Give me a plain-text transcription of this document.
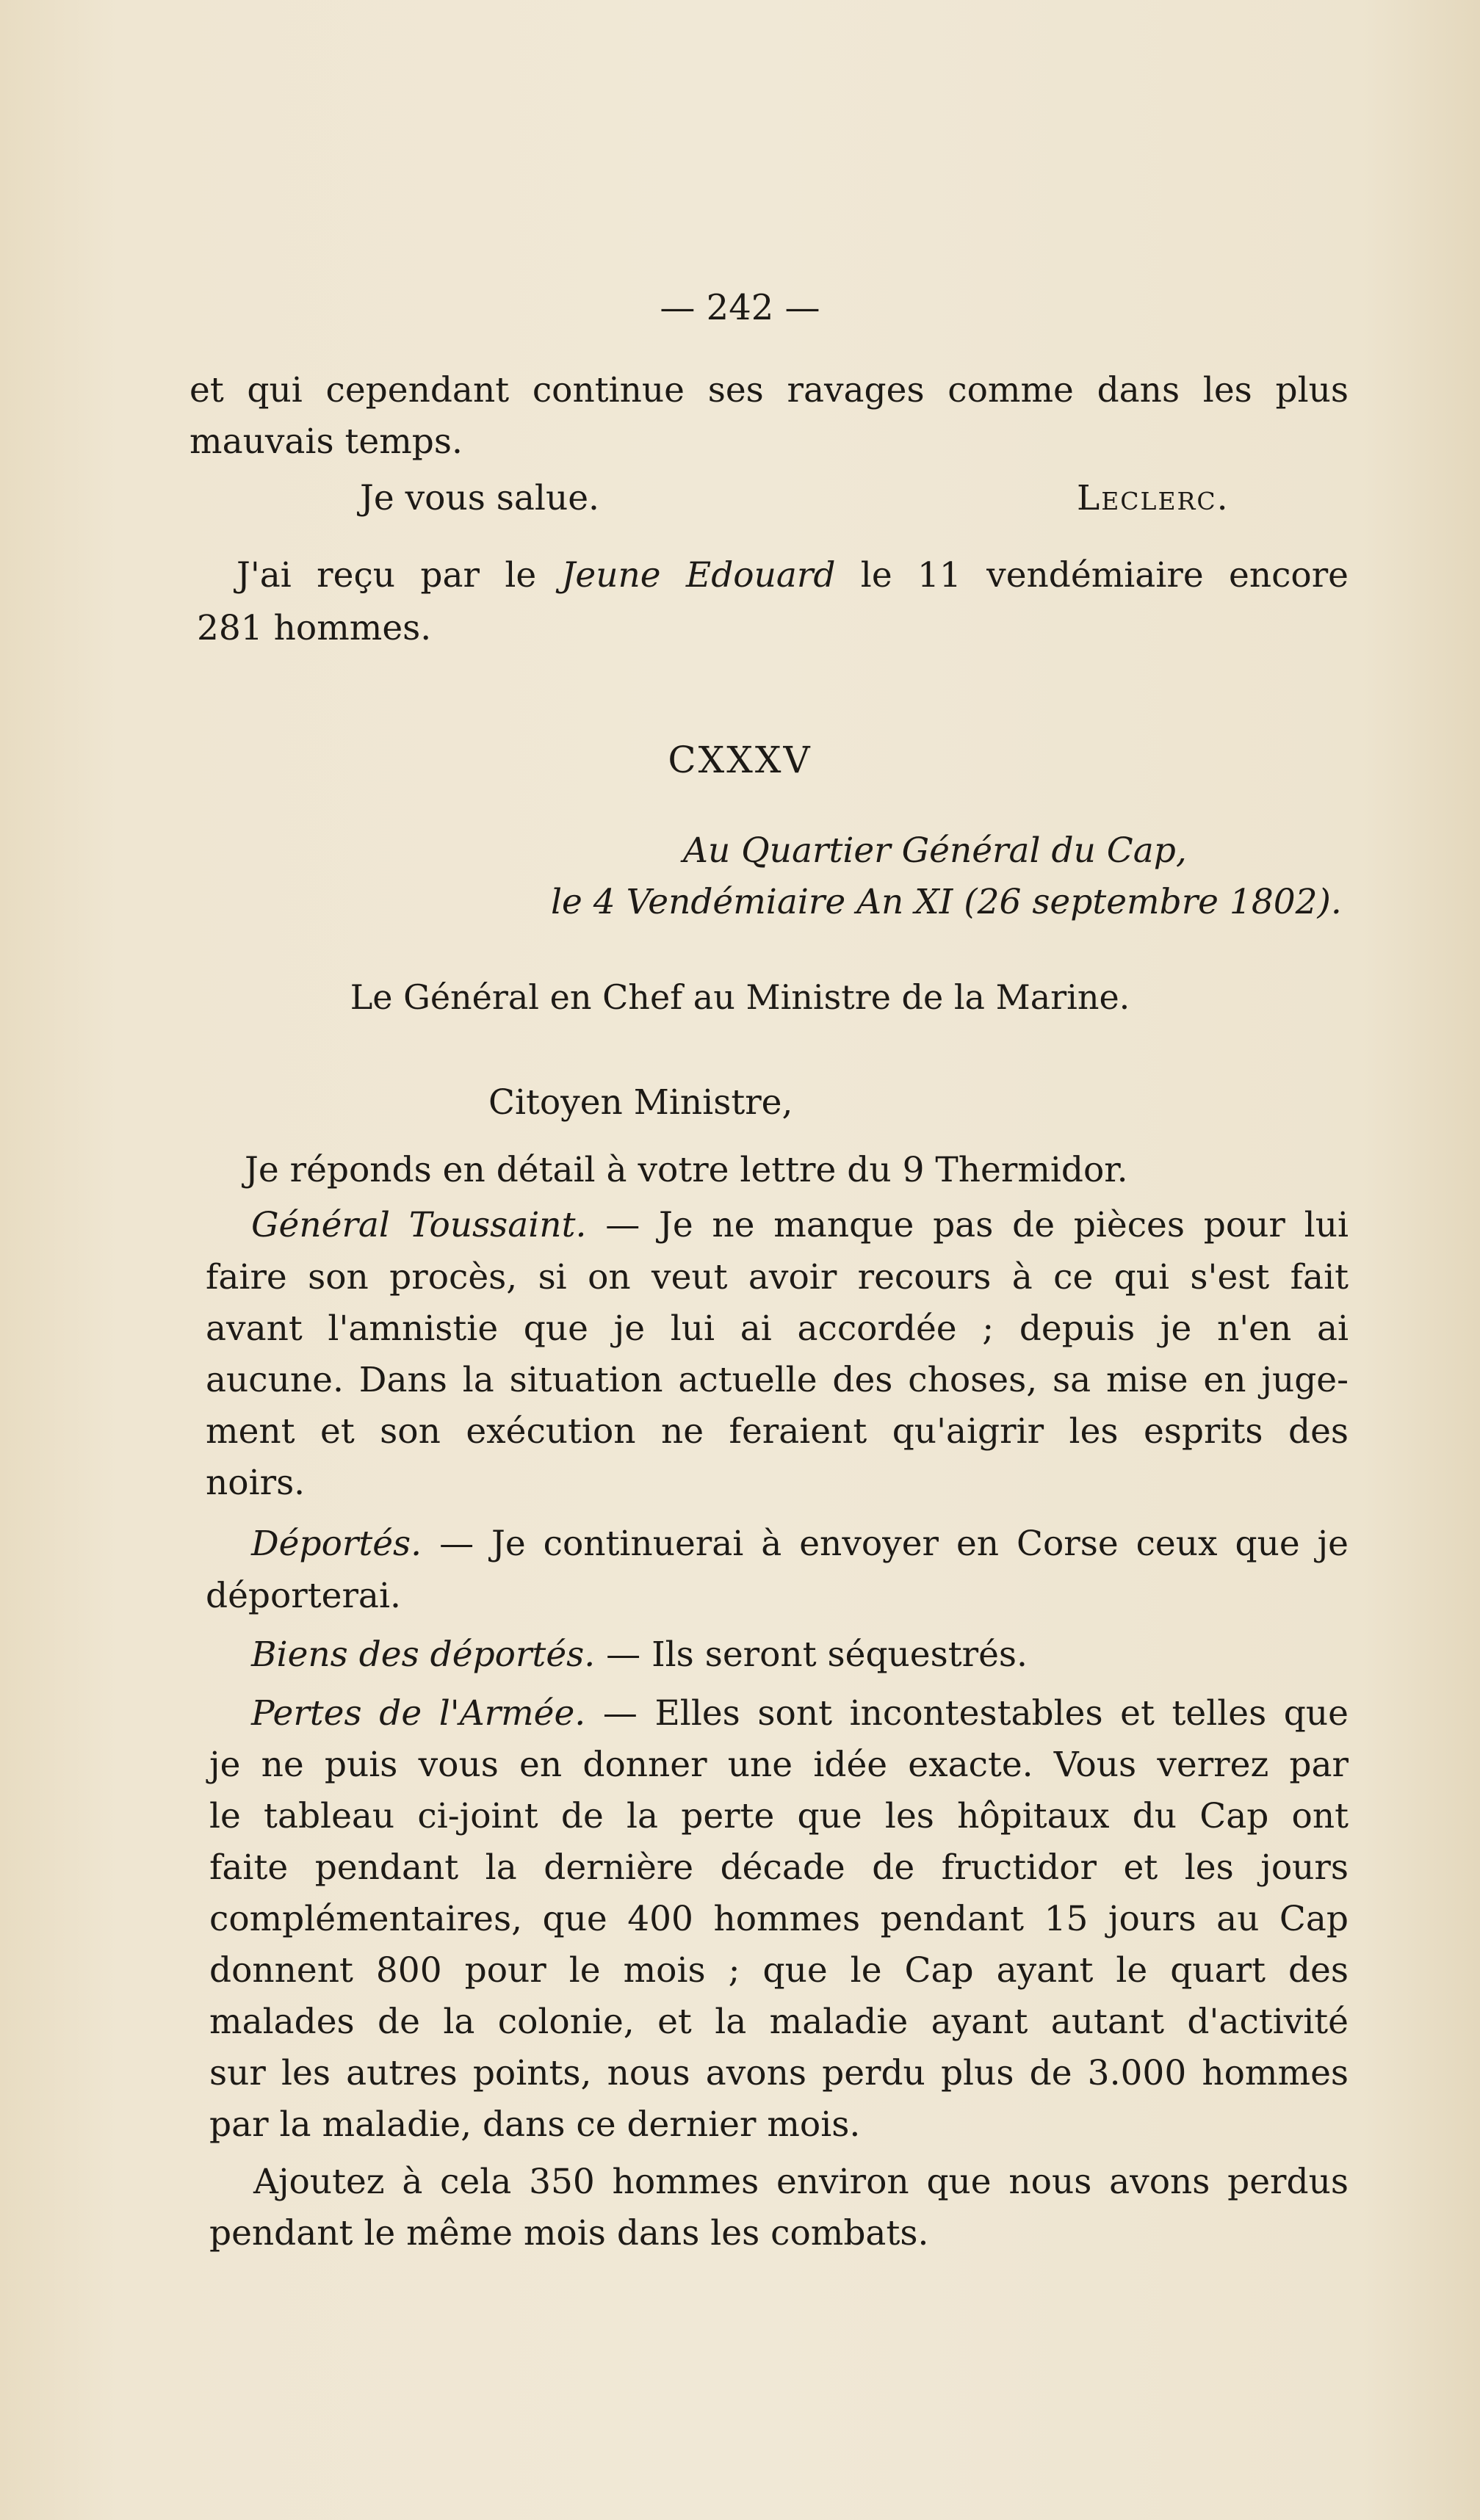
— 242 —
et qui cependant continue ses ravages comme dans les plus
mauvais temps.
Je vous salue.	Leclerc.
J'ai reçu par le Jeune Edouard le 11 vendémiaire encore
281 hommes.
CXXXV
Au Quartier Général du Cap,
le 4 Vendémiaire An XI (26 septembre 1802).
Le Général en Chef au Ministre de la Marine.
Citoyen Ministre,
Je réponds en détail à votre lettre du 9 Thermidor.
Général Toussaint. — Je ne manque pas de pièces pour lui
faire son procès, si on veut avoir recours à ce qui s'est fait
avant l'amnistie que je lui ai accordée ; depuis je n'en ai
aucune. Dans la situation actuelle des choses, sa mise en juge-
ment et son exécution ne feraient qu'aigrir les esprits des
noirs.
Déportés. — Je continuerai à envoyer en Corse ceux que je
déporterai.
Biens des déportés. — Ils seront séquestrés.
Pertes de l'Armée. — Elles sont incontestables et telles que
je ne puis vous en donner une idée exacte. Vous verrez par
le tableau ci-joint de la perte que les hôpitaux du Cap ont
faite pendant la dernière décade de fructidor et les jours
complémentaires, que 400 hommes pendant 15 jours au Cap
donnent 800 pour le mois ; que le Cap ayant le quart des
malades de la colonie, et la maladie ayant autant d'activité
sur les autres points, nous avons perdu plus de 3.000 hommes
par la maladie, dans ce dernier mois.
Ajoutez à cela 350 hommes environ que nous avons perdus
pendant le même mois dans les combats.
